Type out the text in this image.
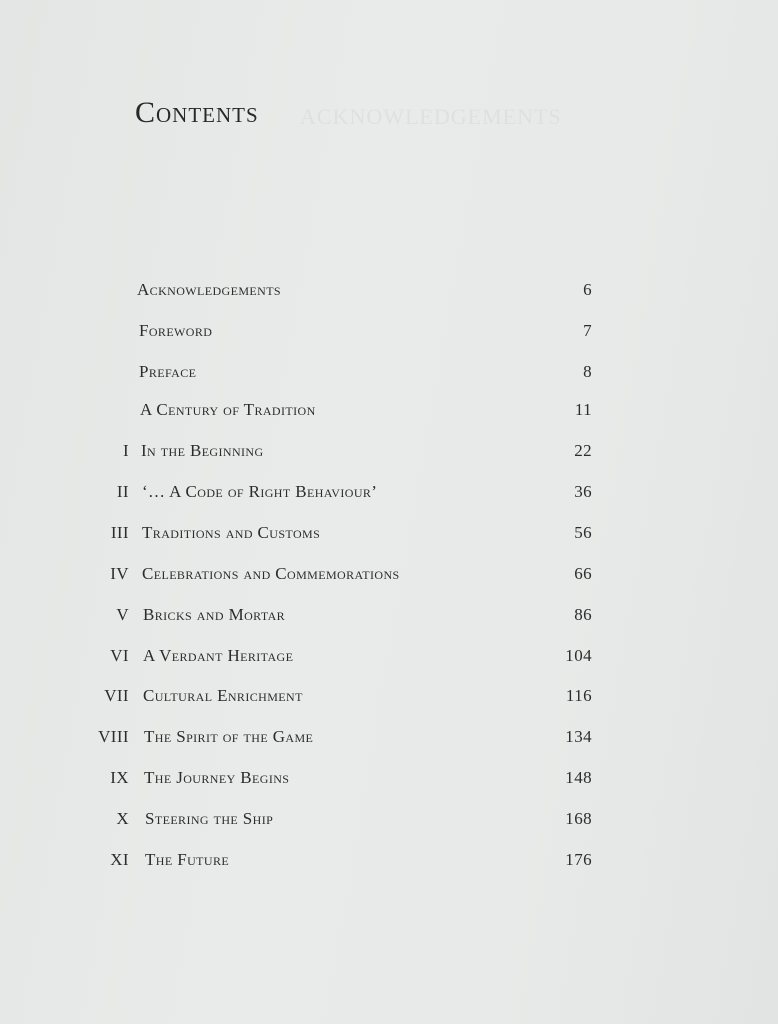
ACKNOWLEDGEMENTS
Contents
Acknowledgements	6
Foreword	7
Preface	8
A Century of Tradition	11
I In the Beginning	22
II ‘… A Code of Right Behaviour’	36
III Traditions and Customs	56
IV Celebrations and Commemorations	66
V Bricks and Mortar	86
VI A Verdant Heritage	104
VII Cultural Enrichment	116
VIII The Spirit of the Game	134
IX The Journey Begins	148
X Steering the Ship	168
XI The Future	176
